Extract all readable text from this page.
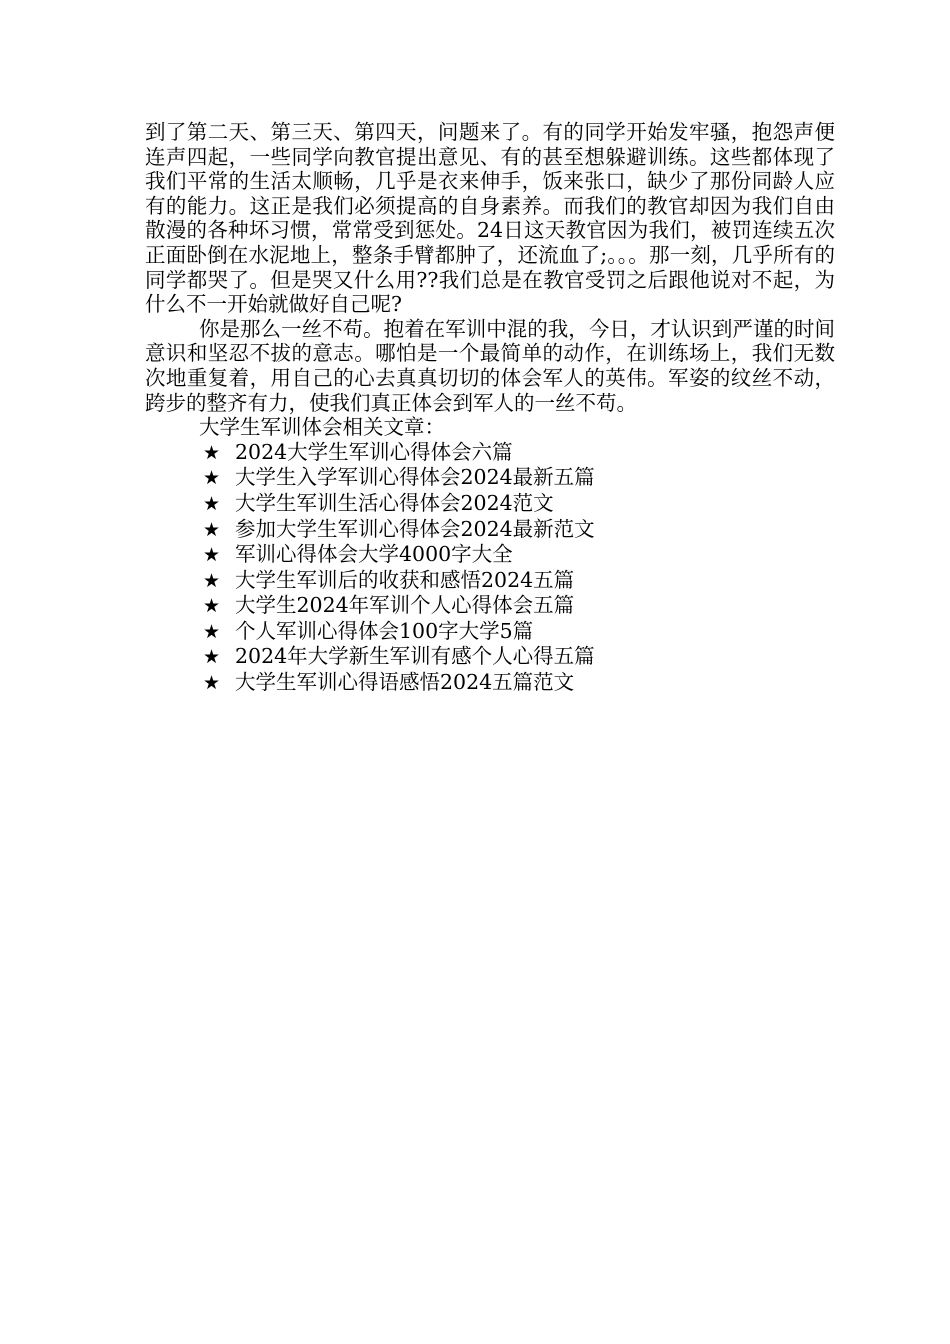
到了第二天、第三天、第四天，问题来了。有的同学开始发牢骚，抱怨声便连声四起，一些同学向教官提出意见、有的甚至想躲避训练。这些都体现了我们平常的生活太顺畅，几乎是衣来伸手，饭来张口，缺少了那份同龄人应有的能力。这正是我们必须提高的自身素养。而我们的教官却因为我们自由散漫的各种坏习惯，常常受到惩处。24日这天教官因为我们，被罚连续五次正面卧倒在水泥地上，整条手臂都肿了，还流血了;。。。那一刻，几乎所有的同学都哭了。但是哭又什么用??我们总是在教官受罚之后跟他说对不起，为什么不一开始就做好自己呢?

你是那么一丝不苟。抱着在军训中混的我，今日，才认识到严谨的时间意识和坚忍不拔的意志。哪怕是一个最简单的动作，在训练场上，我们无数次地重复着，用自己的心去真真切切的体会军人的英伟。军姿的纹丝不动，跨步的整齐有力，使我们真正体会到军人的一丝不苟。

大学生军训体会相关文章：

★ 2024大学生军训心得体会六篇
★ 大学生入学军训心得体会2024最新五篇
★ 大学生军训生活心得体会2024范文
★ 参加大学生军训心得体会2024最新范文
★ 军训心得体会大学4000字大全
★ 大学生军训后的收获和感悟2024五篇
★ 大学生2024年军训个人心得体会五篇
★ 个人军训心得体会100字大学5篇
★ 2024年大学新生军训有感个人心得五篇
★ 大学生军训心得语感悟2024五篇范文
